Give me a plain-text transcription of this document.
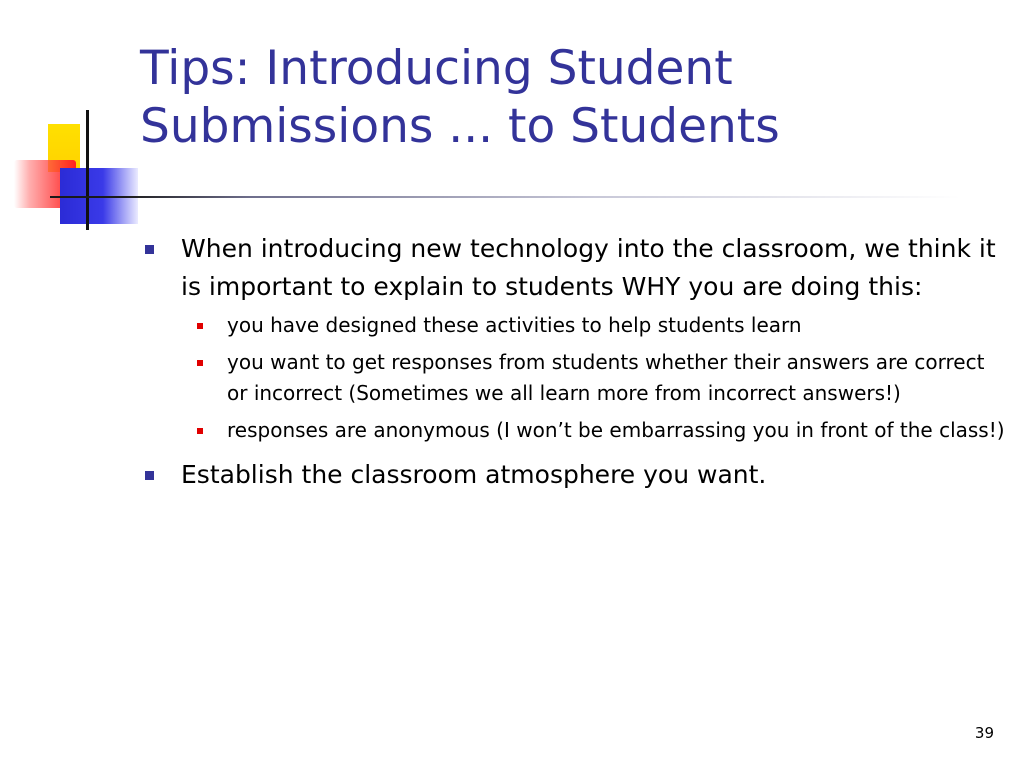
Tips: Introducing Student Submissions ... to Students
When introducing new technology into the classroom, we think it is important to explain to students WHY you are doing this:
you have designed these activities to help students learn
you want to get responses from students whether their answers are correct or incorrect (Sometimes we all learn more from incorrect answers!)
responses are anonymous (I won’t be embarrassing you in front of the class!)
Establish the classroom atmosphere you want.
39
